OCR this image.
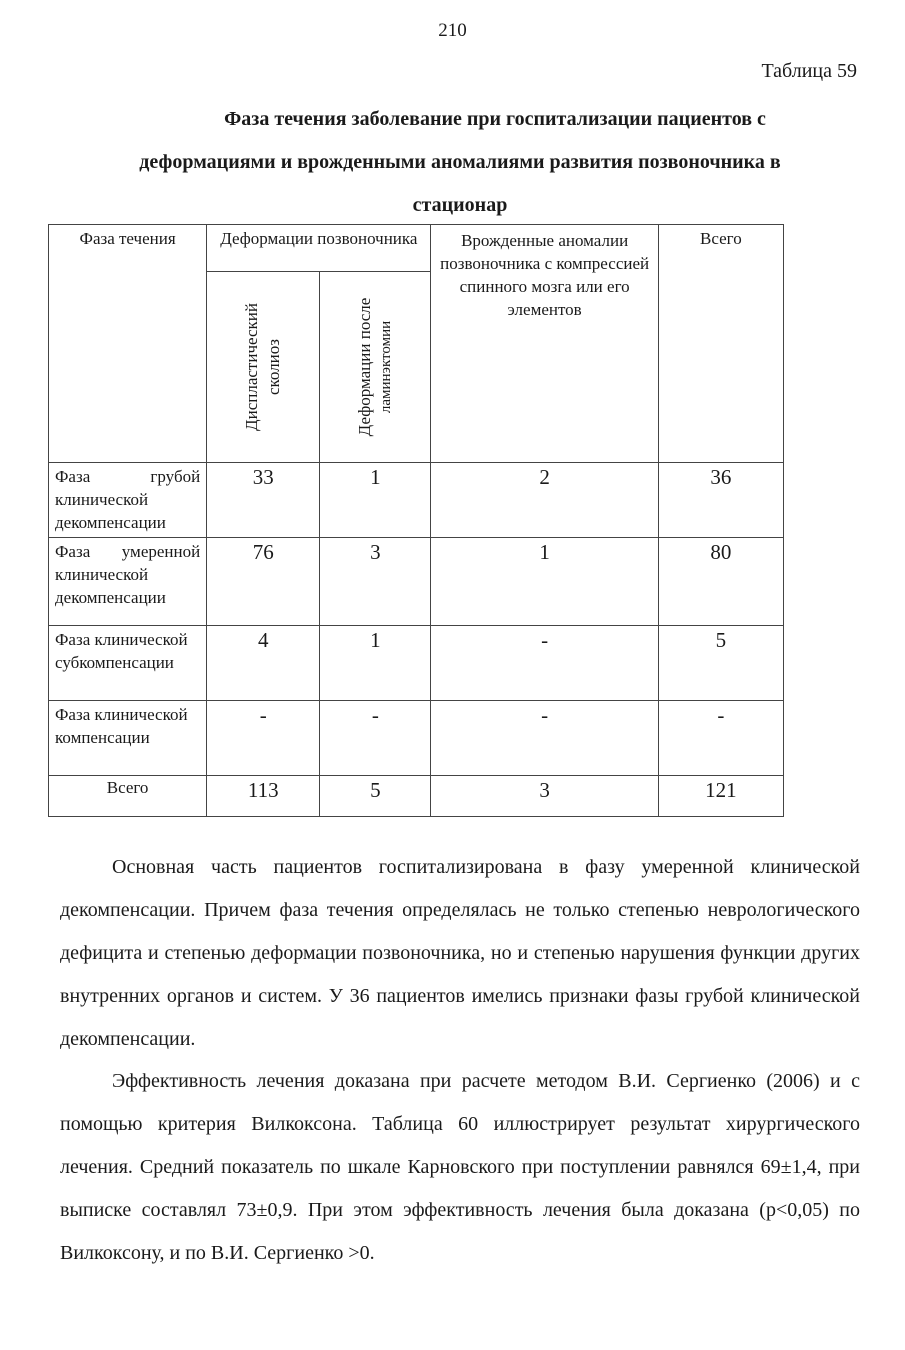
210
Таблица 59
Фаза течения заболевание при госпитализации пациентов с
деформациями и врожденными аномалиями развития позвоночника в
стационар
Фаза течения	Деформации позвоночника		Врожденные аномалии позвоночника с компрессией спинного мозга или его элементов	Всего

	Диспластический сколиоз	Деформации после ламинэктомии		

Фаза грубой клинической декомпенсации	33	1	2	36
Фаза умеренной клинической декомпенсации	76	3	1	80
Фаза клинической субкомпенсации	4	1	-	5
Фаза клинической компенсации	-	-	-	-
Всего	113	5	3	121

Основная часть пациентов госпитализирована в фазу умеренной клинической декомпенсации. Причем фаза течения определялась не только степенью неврологического дефицита и степенью деформации позвоночника, но и степенью нарушения функции других внутренних органов и систем. У 36 пациентов имелись признаки фазы грубой клинической декомпенсации.

Эффективность лечения доказана при расчете методом В.И. Сергиенко (2006) и с помощью критерия Вилкоксона. Таблица 60 иллюстрирует результат хирургического лечения. Средний показатель по шкале Карновского при поступлении равнялся 69±1,4, при выписке составлял 73±0,9. При этом эффективность лечения была доказана (р<0,05) по Вилкоксону, и по В.И. Сергиенко >0.
